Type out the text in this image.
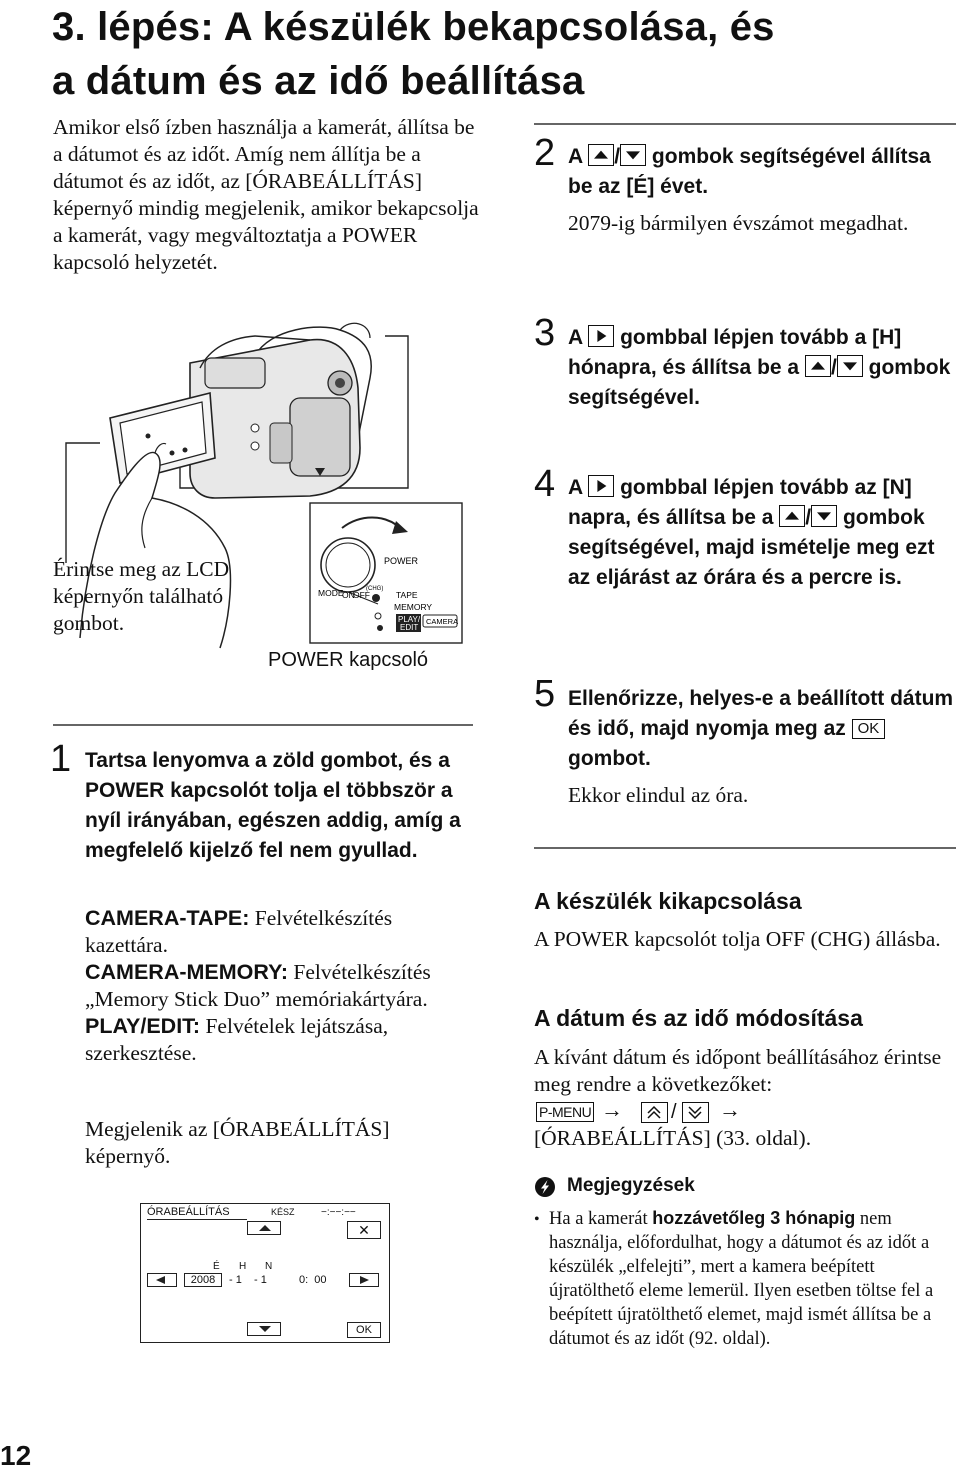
3. lépés: A készülék bekapcsolása, és
a dátum és az idő beállítása
Amikor első ízben használja a kamerát, állítsa be a dátumot és az időt. Amíg nem állítja be a dátumot és az időt, az [ÓRABEÁLLÍTÁS] képernyő mindig megjelenik, amikor bekapcsolja a kamerát, vagy megváltoztatja a POWER kapcsoló helyzetét.
MODE
ON
OFF
(CHG)
POWER
TAPE
MEMORY
PLAY/
EDIT
CAMERA
Érintse meg az LCD képernyőn található gombot.
POWER kapcsoló
1 Tartsa lenyomva a zöld gombot, és a POWER kapcsolót tolja el többször a nyíl irányában, egészen addig, amíg a megfelelő kijelző fel nem gyullad.
CAMERA-TAPE: Felvételkészítés kazettára.
CAMERA-MEMORY: Felvételkészítés „Memory Stick Duo” memóriakártyára.
PLAY/EDIT: Felvételek lejátszása, szerkesztése.
Megjelenik az [ÓRABEÁLLÍTÁS] képernyő.
ÓRABEÁLLÍTÁS	KÉSZ	−:−−:−−
✕
É H N
2008	- 1 - 1	0:  00
OK
2 A / gombok segítségével állítsa be az [É] évet.
2079-ig bármilyen évszámot megadhat.
3 A  gombbal lépjen tovább a [H] hónapra, és állítsa be a / gombok segítségével.
4 A  gombbal lépjen tovább az [N] napra, és állítsa be a / gombok segítségével, majd ismételje meg ezt az eljárást az órára és a percre is.
5 Ellenőrizze, helyes-e a beállított dátum és idő, majd nyomja meg az OK gombot.
Ekkor elindul az óra.
A készülék kikapcsolása
A POWER kapcsolót tolja OFF (CHG) állásba.
A dátum és az idő módosítása
A kívánt dátum és időpont beállításához érintse meg rendre a következőket:
P-MENU → / →
[ÓRABEÁLLÍTÁS] (33. oldal).
Megjegyzések
• Ha a kamerát hozzávetőleg 3 hónapig nem használja, előfordulhat, hogy a dátumot és az időt a készülék „elfelejti”, mert a kamera beépített újratölthető eleme lemerül. Ilyen esetben töltse fel a beépített újratölthető elemet, majd ismét állítsa be a dátumot és az időt (92. oldal).
12
